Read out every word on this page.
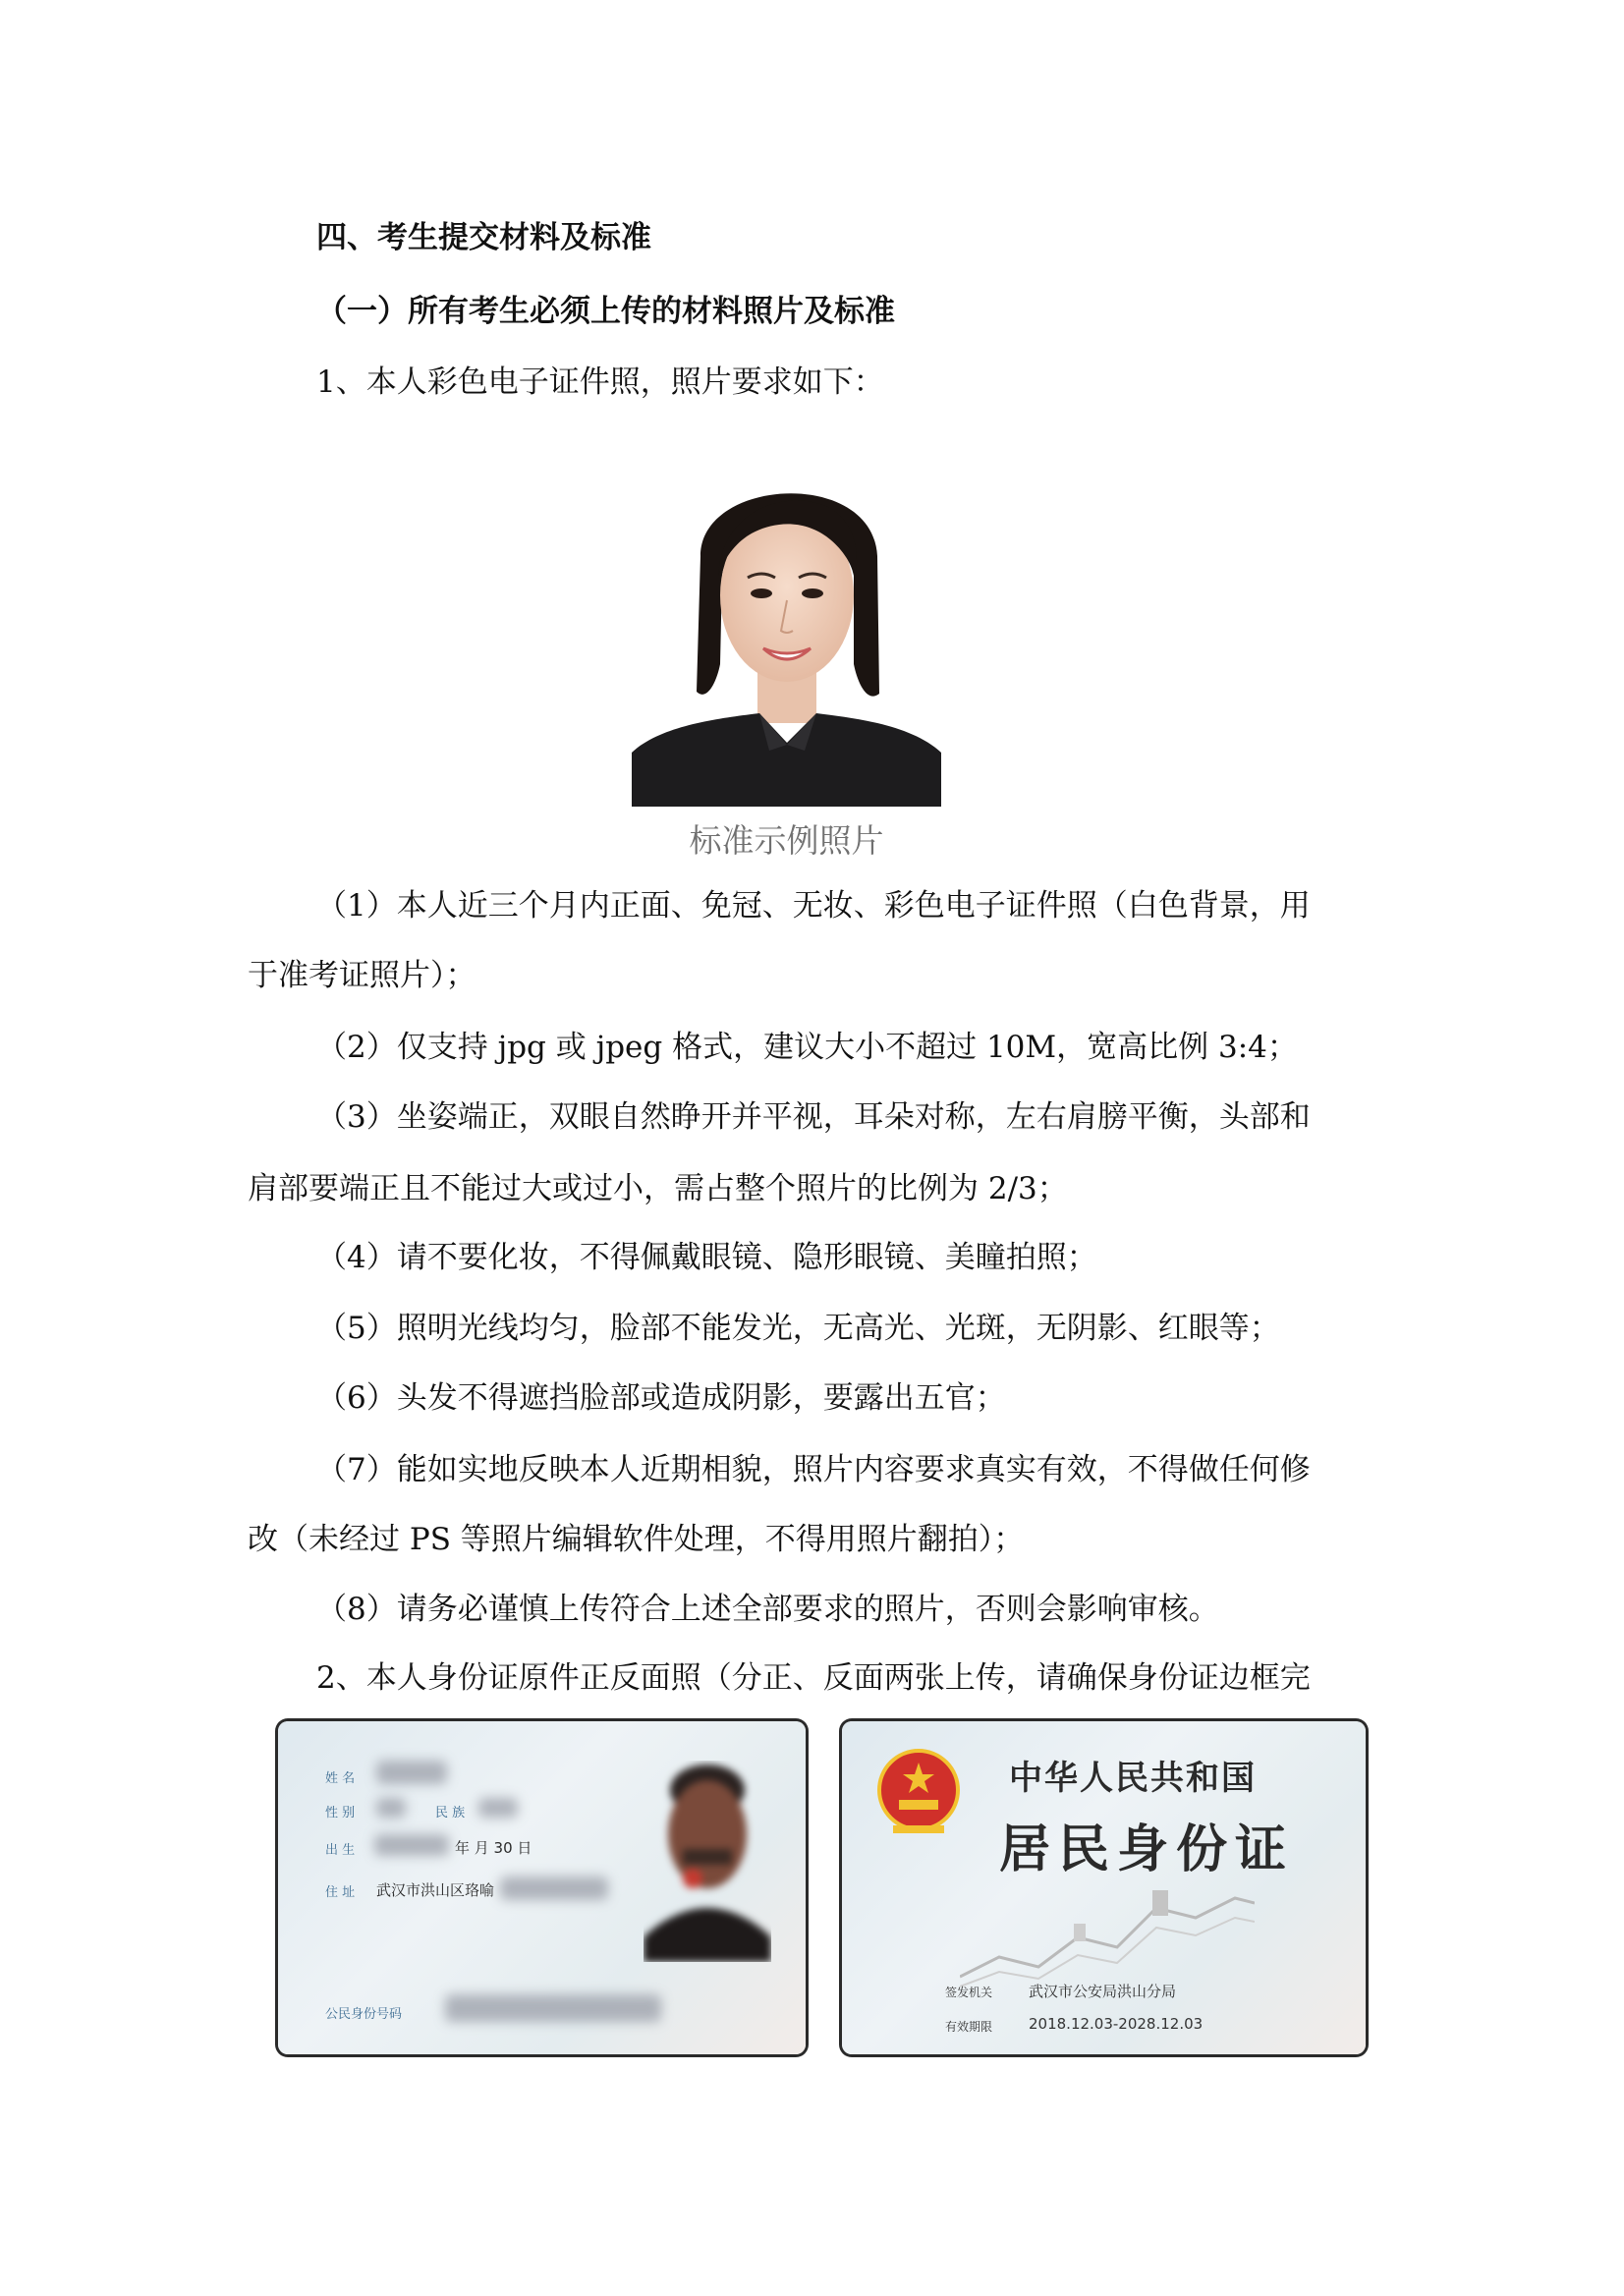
四、考生提交材料及标准
（一）所有考生必须上传的材料照片及标准
1、本人彩色电子证件照，照片要求如下：
标准示例照片
（1）本人近三个月内正面、免冠、无妆、彩色电子证件照（白色背景，用
于准考证照片）；
（2）仅支持 jpg 或 jpeg 格式，建议大小不超过 10M，宽高比例 3:4；
（3）坐姿端正，双眼自然睁开并平视，耳朵对称，左右肩膀平衡，头部和
肩部要端正且不能过大或过小，需占整个照片的比例为 2/3；
（4）请不要化妆，不得佩戴眼镜、隐形眼镜、美瞳拍照；
（5）照明光线均匀，脸部不能发光，无高光、光斑，无阴影、红眼等；
（6）头发不得遮挡脸部或造成阴影，要露出五官；
（7）能如实地反映本人近期相貌，照片内容要求真实有效，不得做任何修
改（未经过 PS 等照片编辑软件处理，不得用照片翻拍）；
（8）请务必谨慎上传符合上述全部要求的照片，否则会影响审核。
2、本人身份证原件正反面照（分正、反面两张上传，请确保身份证边框完
姓 名
性 别	民 族
出 生	年 月 30 日
住 址 武汉市洪山区珞喻
公民身份号码
中华人民共和国
居民身份证
签发机关 武汉市公安局洪山分局
有效期限 2018.12.03-2028.12.03
